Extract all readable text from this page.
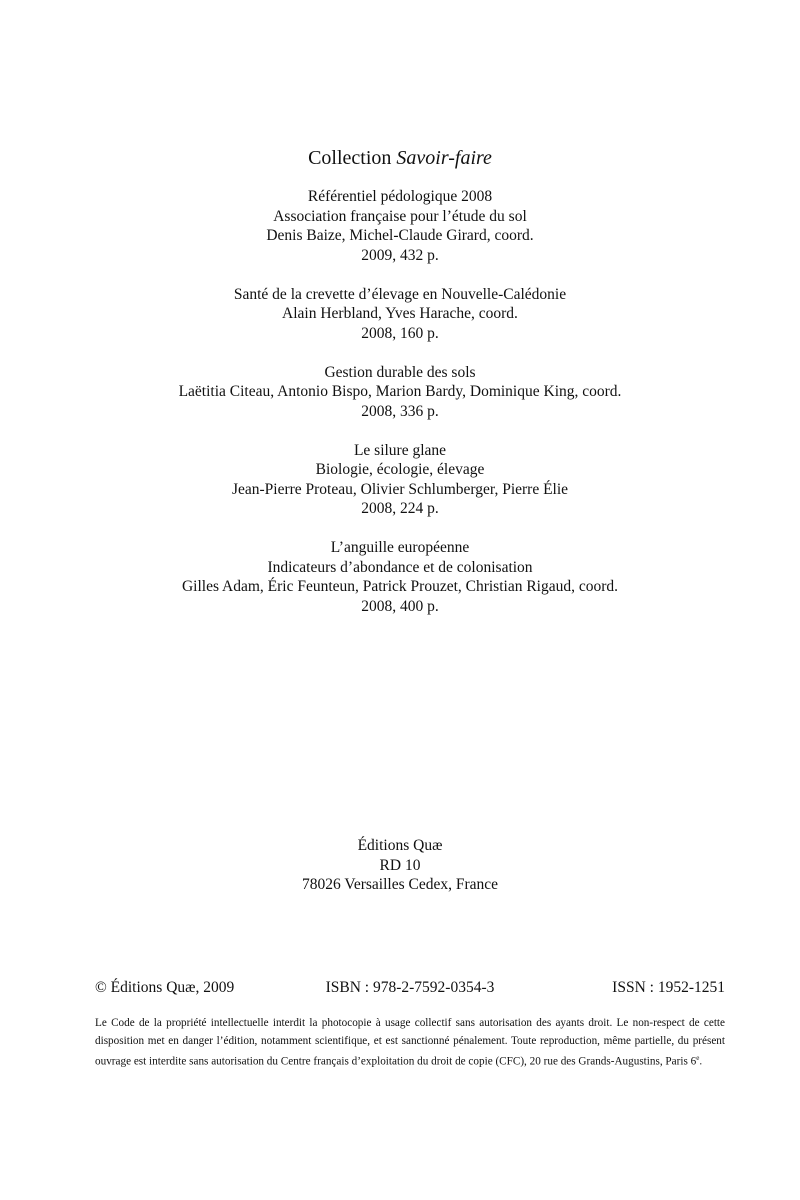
Collection Savoir-faire
Référentiel pédologique 2008
Association française pour l’étude du sol
Denis Baize, Michel-Claude Girard, coord.
2009, 432 p.
Santé de la crevette d’élevage en Nouvelle-Calédonie
Alain Herbland, Yves Harache, coord.
2008, 160 p.
Gestion durable des sols
Laëtitia Citeau, Antonio Bispo, Marion Bardy, Dominique King, coord.
2008, 336 p.
Le silure glane
Biologie, écologie, élevage
Jean-Pierre Proteau, Olivier Schlumberger, Pierre Élie
2008, 224 p.
L’anguille européenne
Indicateurs d’abondance et de colonisation
Gilles Adam, Éric Feunteun, Patrick Prouzet, Christian Rigaud, coord.
2008, 400 p.
Éditions Quæ
RD 10
78026 Versailles Cedex, France
© Éditions Quæ, 2009	ISBN : 978-2-7592-0354-3	ISSN : 1952-1251
Le Code de la propriété intellectuelle interdit la photocopie à usage collectif sans autorisation des ayants droit. Le non-respect de cette disposition met en danger l’édition, notamment scientifique, et est sanctionné pénalement. Toute reproduction, même partielle, du présent ouvrage est interdite sans autorisation du Centre français d’exploitation du droit de copie (CFC), 20 rue des Grands-Augustins, Paris 6e.
